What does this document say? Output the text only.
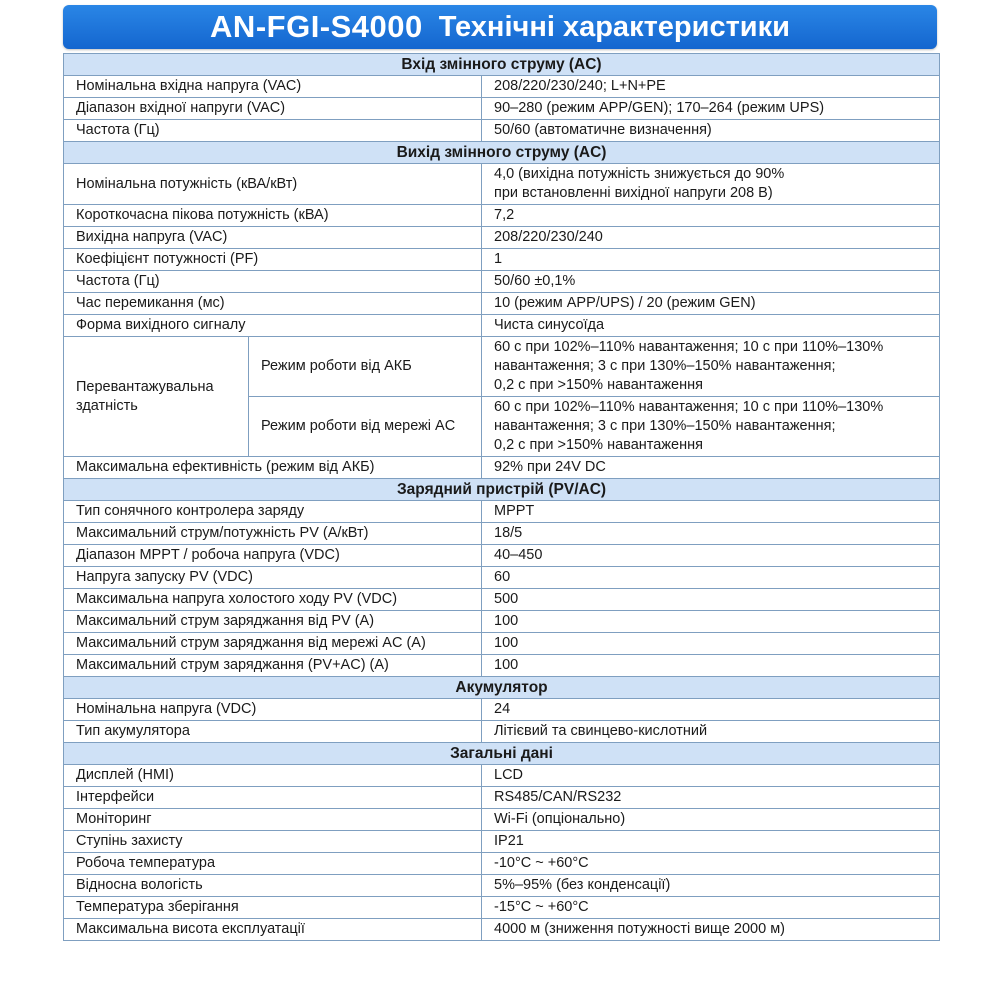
AN-FGI-S4000 Технічні характеристики
Вхід змінного струму (AC)		
Номінальна вхідна напруга (VAC)		208/220/230/240; L+N+PE
Діапазон вхідної напруги (VAC)		90–280 (режим APP/GEN); 170–264 (режим UPS)
Частота (Гц)		50/60 (автоматичне визначення)
Вихід змінного струму (AC)		
Номінальна потужність (кВА/кВт)		4,0 (вихідна потужність знижується до 90%
при встановленні вихідної напруги 208 В)
Короткочасна пікова потужність (кВА)		7,2
Вихідна напруга (VAC)		208/220/230/240
Коефіцієнт потужності (PF)		1
Частота (Гц)		50/60 ±0,1%
Час перемикання (мс)		10 (режим APP/UPS) / 20 (режим GEN)
Форма вихідного сигналу		Чиста синусоїда
Перевантажувальна
здатність	Режим роботи від АКБ	60 с при 102%–110% навантаження; 10 с при 110%–130%
навантаження; 3 с при 130%–150% навантаження;
0,2 с при >150% навантаження
	Режим роботи від мережі AC	60 с при 102%–110% навантаження; 10 с при 110%–130%
навантаження; 3 с при 130%–150% навантаження;
0,2 с при >150% навантаження
Максимальна ефективність (режим від АКБ)		92% при 24V DC
Зарядний пристрій (PV/AC)		
Тип сонячного контролера заряду		MPPT
Максимальний струм/потужність PV (А/кВт)		18/5
Діапазон MPPT / робоча напруга (VDC)		40–450
Напруга запуску PV (VDC)		60
Максимальна напруга холостого ходу PV (VDC)		500
Максимальний струм заряджання від PV (А)		100
Максимальний струм заряджання від мережі AC (А)		100
Максимальний струм заряджання (PV+AC) (А)		100
Акумулятор		
Номінальна напруга (VDC)		24
Тип акумулятора		Літієвий та свинцево-кислотний
Загальні дані		
Дисплей (HMI)		LCD
Інтерфейси		RS485/CAN/RS232
Моніторинг		Wi-Fi (опціонально)
Ступінь захисту		IP21
Робоча температура		-10°C ~ +60°C
Відносна вологість		5%–95% (без конденсації)
Температура зберігання		-15°C ~ +60°C
Максимальна висота експлуатації		4000 м (зниження потужності вище 2000 м)
